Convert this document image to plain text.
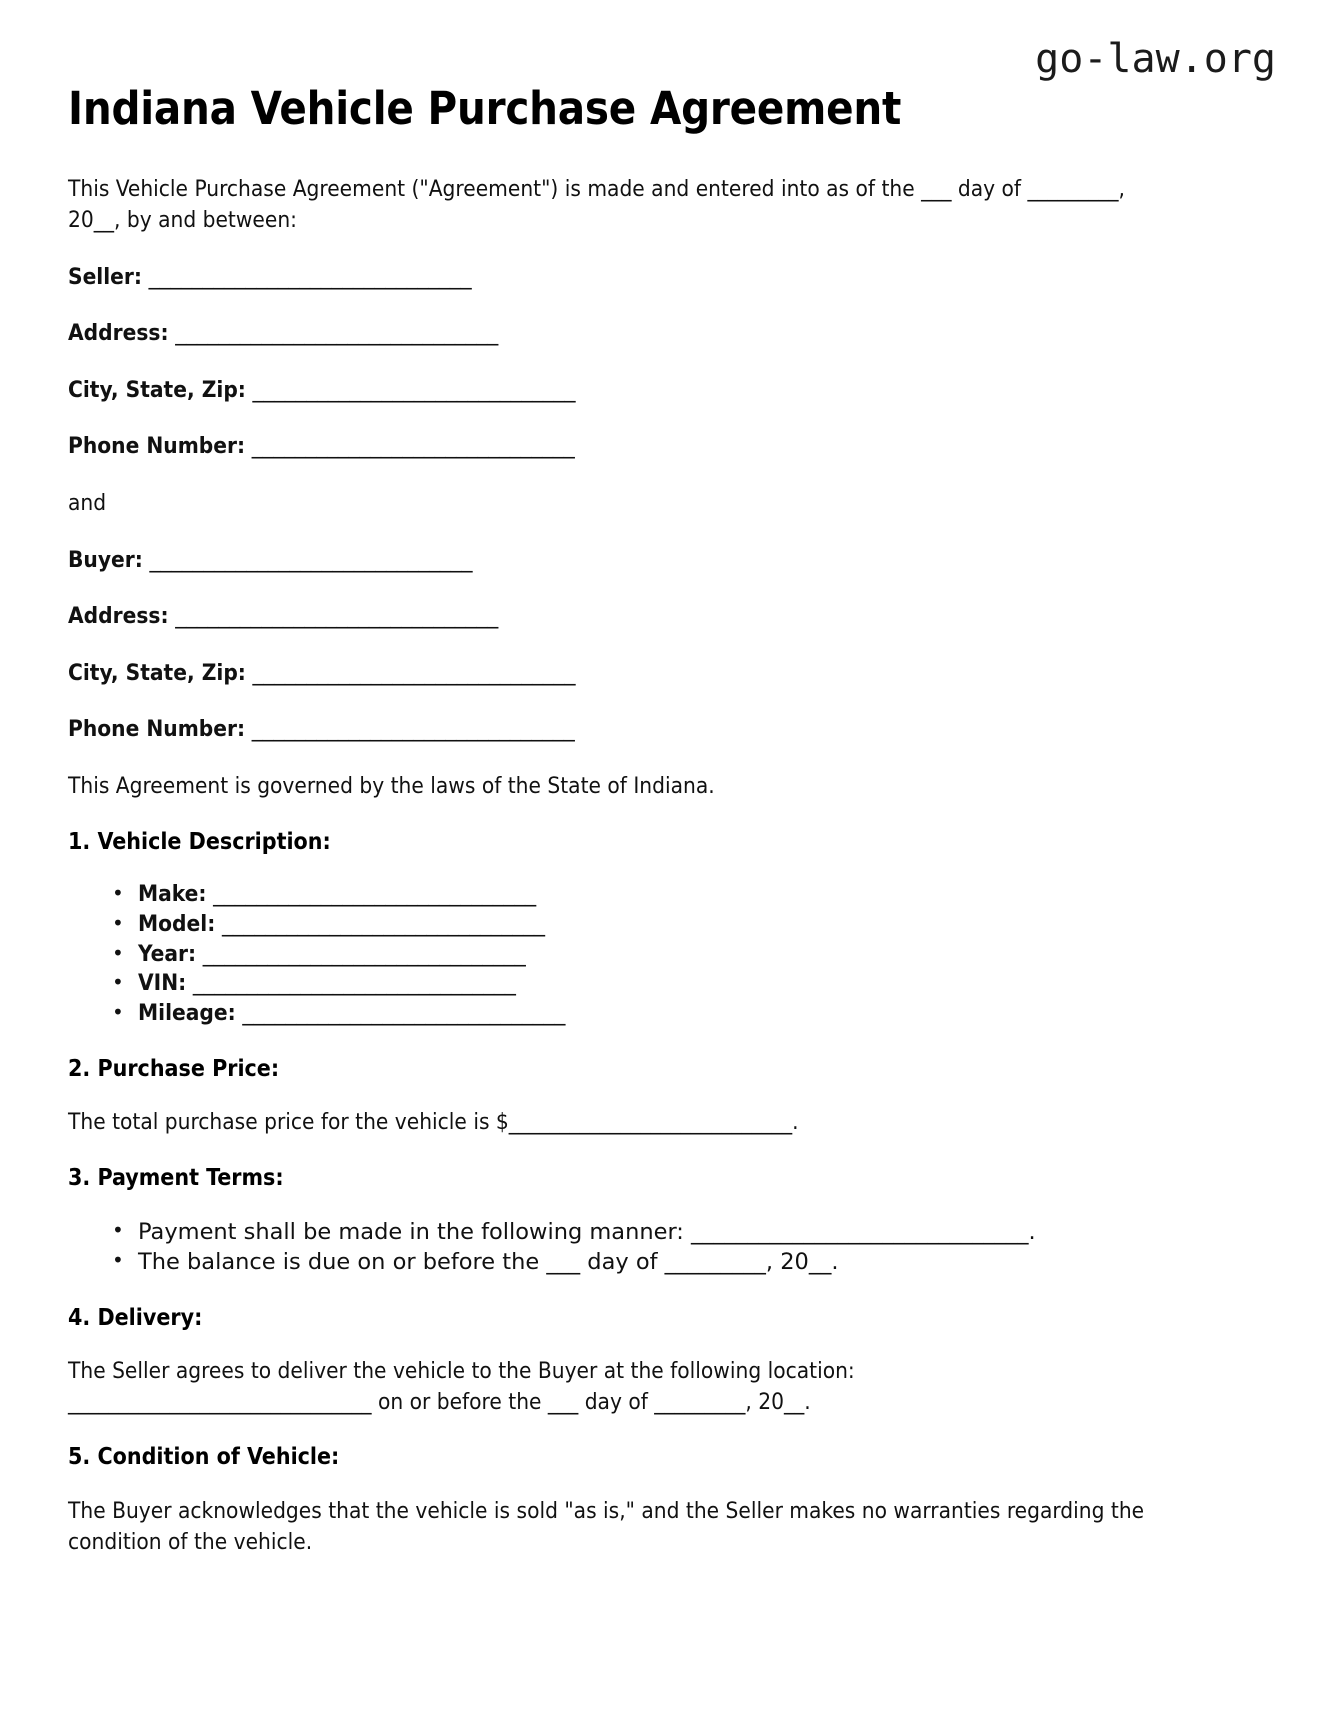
go-law.org
Indiana Vehicle Purchase Agreement

This Vehicle Purchase Agreement ("Agreement") is made and entered into as of the ___ day of _________, 20__, by and between:

Seller: ______________________________
Address: ______________________________
City, State, Zip: ______________________________
Phone Number: ______________________________

and

Buyer: ______________________________
Address: ______________________________
City, State, Zip: ______________________________
Phone Number: ______________________________

This Agreement is governed by the laws of the State of Indiana.

1. Vehicle Description:
• Make: ______________________________
• Model: ______________________________
• Year: ______________________________
• VIN: ______________________________
• Mileage: ______________________________
2. Purchase Price:

The total purchase price for the vehicle is $____________________________.

3. Payment Terms:
• Payment shall be made in the following manner: ______________________________.
• The balance is due on or before the ___ day of _________, 20__.
4. Delivery:

The Seller agrees to deliver the vehicle to the Buyer at the following location: ______________________________ on or before the ___ day of _________, 20__.

5. Condition of Vehicle:

The Buyer acknowledges that the vehicle is sold "as is," and the Seller makes no warranties regarding the condition of the vehicle.
